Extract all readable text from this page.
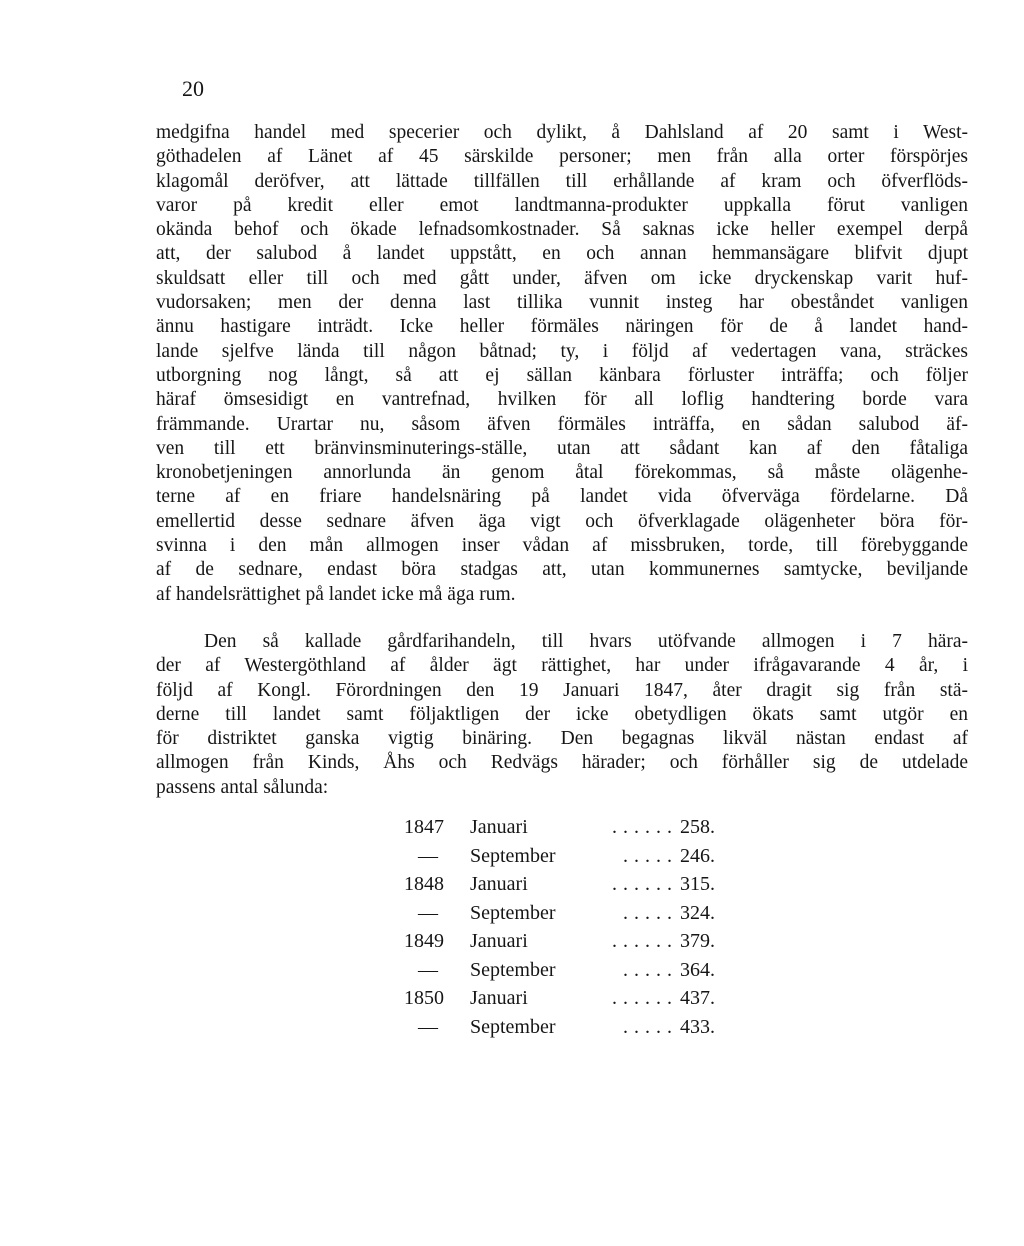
20
medgifna handel med specerier och dylikt, å Dahlsland af 20 samt i West-
göthadelen af Länet af 45 särskilde personer; men från alla orter förspörjes
klagomål deröfver, att lättade tillfällen till erhållande af kram och öfverflöds-
varor på kredit eller emot landtmanna-produkter uppkalla förut vanligen
okända behof och ökade lefnadsomkostnader. Så saknas icke heller exempel derpå
att, der salubod å landet uppstått, en och annan hemmansägare blifvit djupt
skuldsatt eller till och med gått under, äfven om icke dryckenskap varit huf-
vudorsaken; men der denna last tillika vunnit insteg har obeståndet vanligen
ännu hastigare inträdt. Icke heller förmäles näringen för de å landet hand-
lande sjelfve lända till någon båtnad; ty, i följd af vedertagen vana, sträckes
utborgning nog långt, så att ej sällan känbara förluster inträffa; och följer
häraf ömsesidigt en vantrefnad, hvilken för all loflig handtering borde vara
främmande. Urartar nu, såsom äfven förmäles inträffa, en sådan salubod äf-
ven till ett bränvinsminuterings-ställe, utan att sådant kan af den fåtaliga
kronobetjeningen annorlunda än genom åtal förekommas, så måste olägenhe-
terne af en friare handelsnäring på landet vida öfverväga fördelarne. Då
emellertid desse sednare äfven äga vigt och öfverklagade olägenheter böra för-
svinna i den mån allmogen inser vådan af missbruken, torde, till förebyggande
af de sednare, endast böra stadgas att, utan kommunernes samtycke, beviljande
af handelsrättighet på landet icke må äga rum.
Den så kallade gårdfarihandeln, till hvars utöfvande allmogen i 7 härа-
der af Westergöthland af ålder ägt rättighet, har under ifrågavarande 4 år, i
följd af Kongl. Förordningen den 19 Januari 1847, åter dragit sig från stä-
derne till landet samt följaktligen der icke obetydligen ökats samt utgör en
för distriktet ganska vigtig binäring. Den begagnas likväl nästan endast af
allmogen från Kinds, Åhs och Redvägs härader; och förhåller sig de utdelade
passens antal sålunda:
1847	Januari	...... 258.
—	September	..... 246.
1848	Januari	...... 315.
—	September	..... 324.
1849	Januari	...... 379.
—	September	..... 364.
1850	Januari	...... 437.
—	September	..... 433.
